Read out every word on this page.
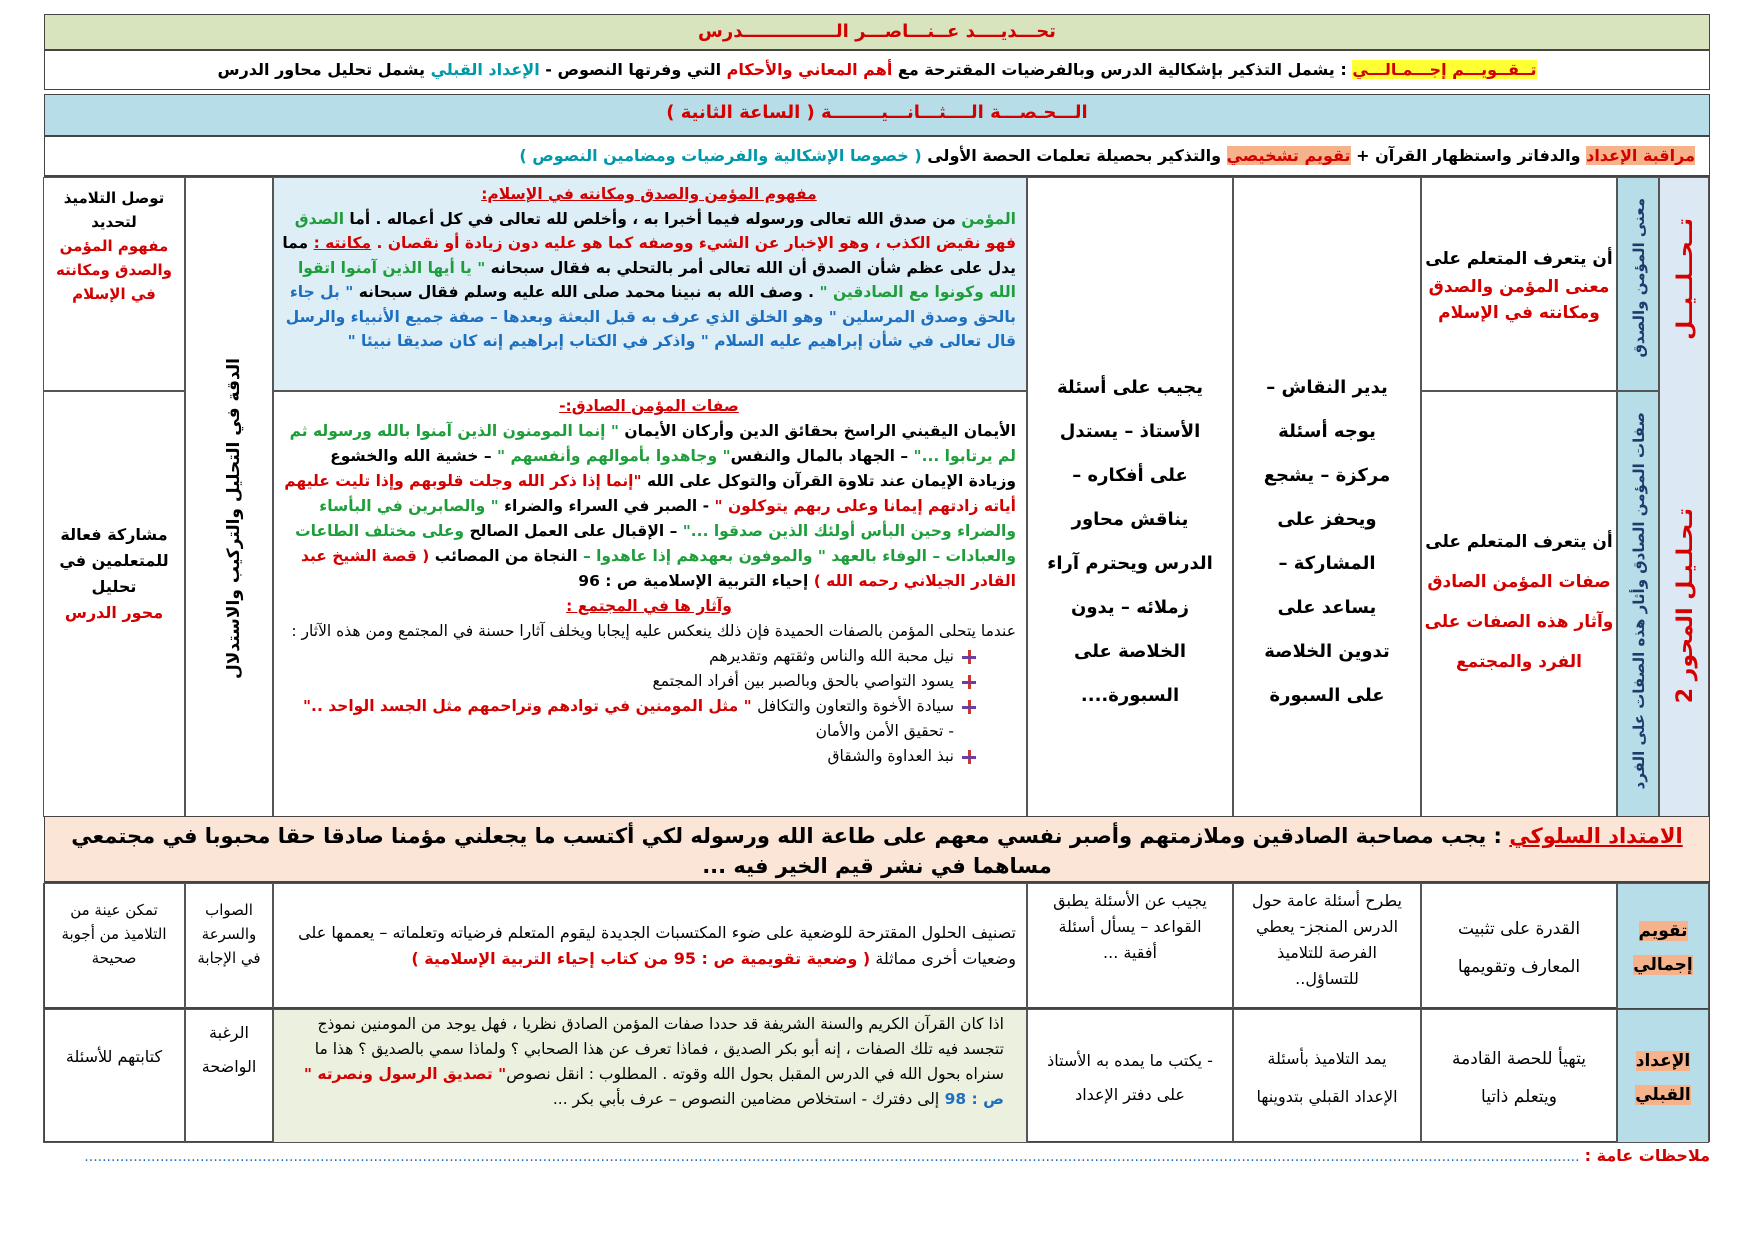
تحـــديــــد عــنـــاصـــر الـــــــــــــــدرس
تــقــويـــم إجـــمـالـــي : يشمل التذكير بإشكالية الدرس وبالفرضيات المقترحة مع أهم المعاني والأحكام التي وفرتها النصوص - الإعداد القبلي يشمل تحليل محاور الدرس
الـــحـصـــة الــــثـــانـــيــــــــة ( الساعة الثانية )
مراقبة الإعداد والدفاتر واستظهار القرآن + تقويم تشخيصي والتذكير بحصيلة تعلمات الحصة الأولى ( خصوصا الإشكالية والفرضيات ومضامين النصوص )
تــحــلــيــل
تـحـلـيـل المحور 2
معنى المؤمن والصدق
صفات المؤمن الصادق وأثار هذه الصفات على الفرد

أن يتعرف المتعلم على

معنى المؤمن والصدق ومكانته في الإسلام

أن يتعرف المتعلم على

صفات المؤمن الصادق وآثار هذه الصفات على الفرد والمجتمع

يدير النقاش – يوجه أسئلة مركزة – يشجع ويحفز على المشاركة – يساعد على تدوين الخلاصة على السبورة
يجيب على أسئلة الأستاذ – يستدل على أفكاره – يناقش محاور الدرس ويحترم آراء زملائه – يدون الخلاصة على السبورة....

مفهوم المؤمن والصدق ومكانته في الإسلام:

المؤمن من صدق الله تعالى ورسوله فيما أخبرا به ، وأخلص لله تعالى في كل أعماله . أما الصدق فهو نقيض الكذب ، وهو الإخبار عن الشيء ووصفه كما هو عليه دون زيادة أو نقصان . مكانته : مما يدل على عظم شأن الصدق أن الله تعالى أمر بالتحلي به فقال سبحانه " يا أيها الذين آمنوا اتقوا الله وكونوا مع الصادقين " . وصف الله به نبينا محمد صلى الله عليه وسلم فقال سبحانه " بل جاء بالحق وصدق المرسلين " وهو الخلق الذي عرف به قبل البعثة وبعدها – صفة جميع الأنبياء والرسل قال تعالى في شأن إبراهيم عليه السلام " واذكر في الكتاب إبراهيم إنه كان صديقا نبيئا "

صفات المؤمن الصادق:-

الأيمان اليقيني الراسخ بحقائق الدين وأركان الأيمان " إنما المومنون الذين آمنوا بالله ورسوله ثم لم يرتابوا ..." – الجهاد بالمال والنفس" وجاهدوا بأموالهم وأنفسهم " – خشية الله والخشوع وزيادة الإيمان عند تلاوة القرآن والتوكل على الله "إنما إذا ذكر الله وجلت قلوبهم وإذا تليت عليهم أياته زادتهم إيمانا وعلى ربهم يتوكلون " - الصبر في السراء والضراء " والصابرين في البأساء والضراء وحين البأس أولئك الذين صدقوا ..." – الإقبال على العمل الصالح وعلى مختلف الطاعات والعبادات – الوفاء بالعهد " والموفون بعهدهم إذا عاهدوا – النجاة من المصائب ( قصة الشيخ عبد القادر الجيلاني رحمه الله ) إحياء التربية الإسلامية ص : 96

وآثار ها في المجتمع :

عندما يتحلى المؤمن بالصفات الحميدة فإن ذلك ينعكس عليه إيجابا ويخلف آثارا حسنة في المجتمع ومن هذه الآثار :

نيل محبة الله والناس وثقتهم وتقديرهم

يسود التواصي بالحق وبالصبر بين أفراد المجتمع

سيادة الأخوة والتعاون والتكافل " مثل المومنين في توادهم وتراحمهم مثل الجسد الواحد .."

- تحقيق الأمن والأمان

نبذ العداوة والشقاق

الدقة في التحليل والتركيب والاستدلال

توصل التلاميذ لتحديد

مفهوم المؤمن والصدق ومكانته في الإسلام

مشاركة فعالة للمتعلمين في تحليل

محور الدرس

الامتداد السلوكي : يجب مصاحبة الصادقين وملازمتهم وأصبر نفسي معهم على طاعة الله ورسوله لكي أكتسب ما يجعلني مؤمنا صادقا حقا محبوبا في مجتمعي مساهما في نشر قيم الخير فيه ...
تقويم إجمالي
القدرة على تثبيت المعارف وتقويمها
يطرح أسئلة عامة حول الدرس المنجز- يعطي الفرصة للتلاميذ للتساؤل..
يجيب عن الأسئلة يطبق القواعد – يسأل أسئلة أفقية ...
تصنيف الحلول المقترحة للوضعية على ضوء المكتسبات الجديدة ليقوم المتعلم فرضياته وتعلماته – يعممها على وضعيات أخرى مماثلة ( وضعية تقويمية ص : 95 من كتاب إحياء التربية الإسلامية )
الصواب والسرعة في الإجابة
تمكن عينة من التلاميذ من أجوبة صحيحة
الإعداد القبلي
يتهيأ للحصة القادمة ويتعلم ذاتيا
يمد التلاميذ بأسئلة الإعداد القبلي بتدوينها
- يكتب ما يمده به الأستاذ على دفتر الإعداد
اذا كان القرآن الكريم والسنة الشريفة قد حددا صفات المؤمن الصادق نظريا ، فهل يوجد من المومنين نموذج تتجسد فيه تلك الصفات ، إنه أبو بكر الصديق ، فماذا تعرف عن هذا الصحابي ؟ ولماذا سمي بالصديق ؟ هذا ما سنراه بحول الله في الدرس المقبل بحول الله وقوته . المطلوب : انقل نصوص" تصديق الرسول ونصرته " ص : 98 إلى دفترك - استخلاص مضامين النصوص – عرف بأبي بكر ...
الرغبة الواضحة
كتابتهم للأسئلة
ملاحظات عامة : ................................................................................................................................................................................................................................................................................................................................................
